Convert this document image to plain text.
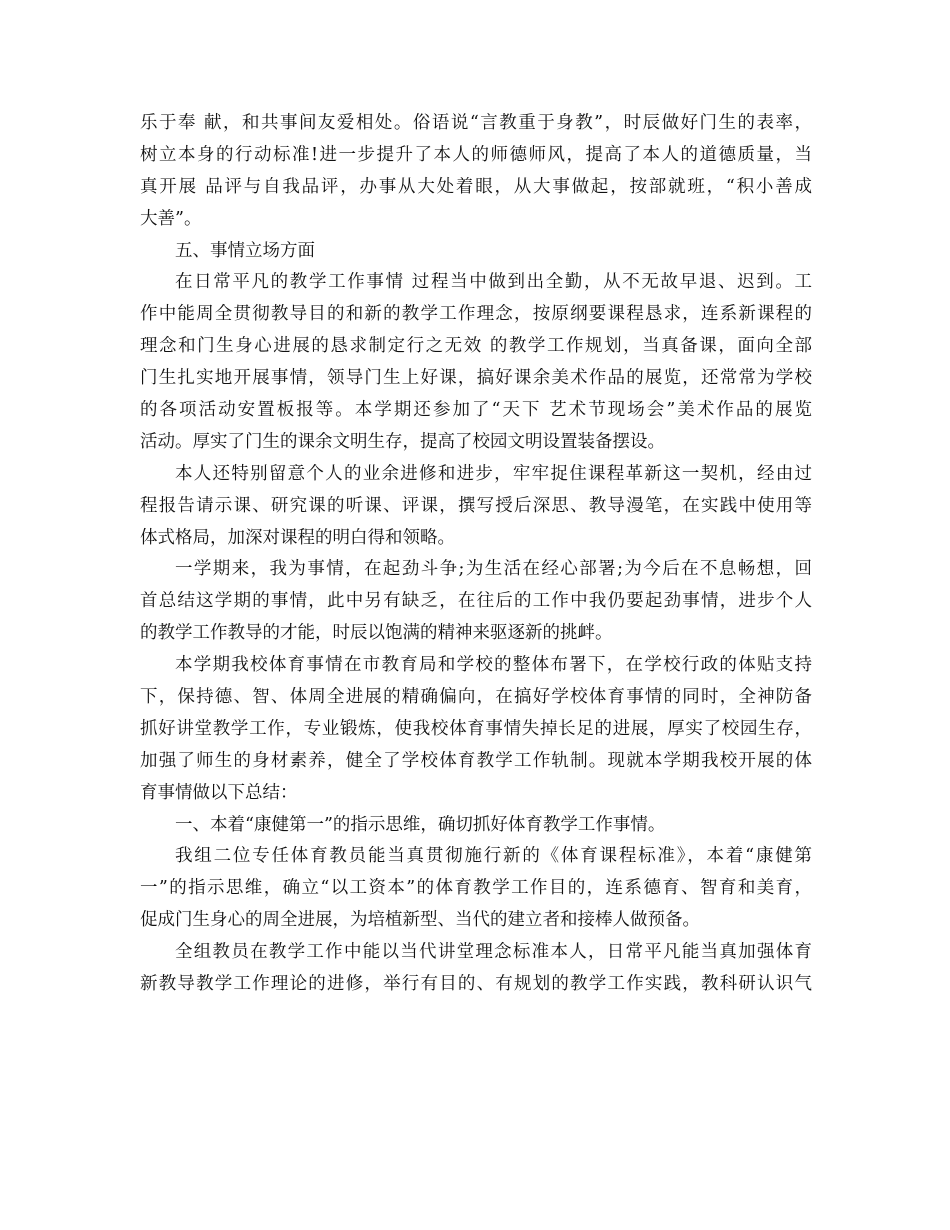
乐于奉 献，和共事间友爱相处。俗语说“言教重于身教”，时辰做好门生的表率，
树立本身的行动标准!进一步提升了本人的师德师风，提高了本人的道德质量，当
真开展 品评与自我品评，办事从大处着眼，从大事做起，按部就班，“积小善成
大善”。
五、事情立场方面
在日常平凡的教学工作事情 过程当中做到出全勤，从不无故早退、迟到。工
作中能周全贯彻教导目的和新的教学工作理念，按原纲要课程恳求，连系新课程的
理念和门生身心进展的恳求制定行之无效 的教学工作规划，当真备课，面向全部
门生扎实地开展事情，领导门生上好课，搞好课余美术作品的展览，还常常为学校
的各项活动安置板报等。本学期还参加了“天下 艺术节现场会”美术作品的展览
活动。厚实了门生的课余文明生存，提高了校园文明设置装备摆设。
本人还特别留意个人的业余进修和进步，牢牢捉住课程革新这一契机，经由过
程报告请示课、研究课的听课、评课，撰写授后深思、教导漫笔，在实践中使用等
体式格局，加深对课程的明白得和领略。
一学期来，我为事情，在起劲斗争;为生活在经心部署;为今后在不息畅想，回
首总结这学期的事情，此中另有缺乏，在往后的工作中我仍要起劲事情，进步个人
的教学工作教导的才能，时辰以饱满的精神来驱逐新的挑衅。
本学期我校体育事情在市教育局和学校的整体布署下，在学校行政的体贴支持
下，保持德、智、体周全进展的精确偏向，在搞好学校体育事情的同时，全神防备
抓好讲堂教学工作，专业锻炼，使我校体育事情失掉长足的进展，厚实了校园生存，
加强了师生的身材素养，健全了学校体育教学工作轨制。现就本学期我校开展的体
育事情做以下总结：
一、本着“康健第一”的指示思维，确切抓好体育教学工作事情。
我组二位专任体育教员能当真贯彻施行新的《体育课程标准》，本着“康健第
一”的指示思维，确立“以工资本”的体育教学工作目的，连系德育、智育和美育，
促成门生身心的周全进展，为培植新型、当代的建立者和接棒人做预备。
全组教员在教学工作中能以当代讲堂理念标准本人，日常平凡能当真加强体育
新教导教学工作理论的进修，举行有目的、有规划的教学工作实践，教科研认识气
